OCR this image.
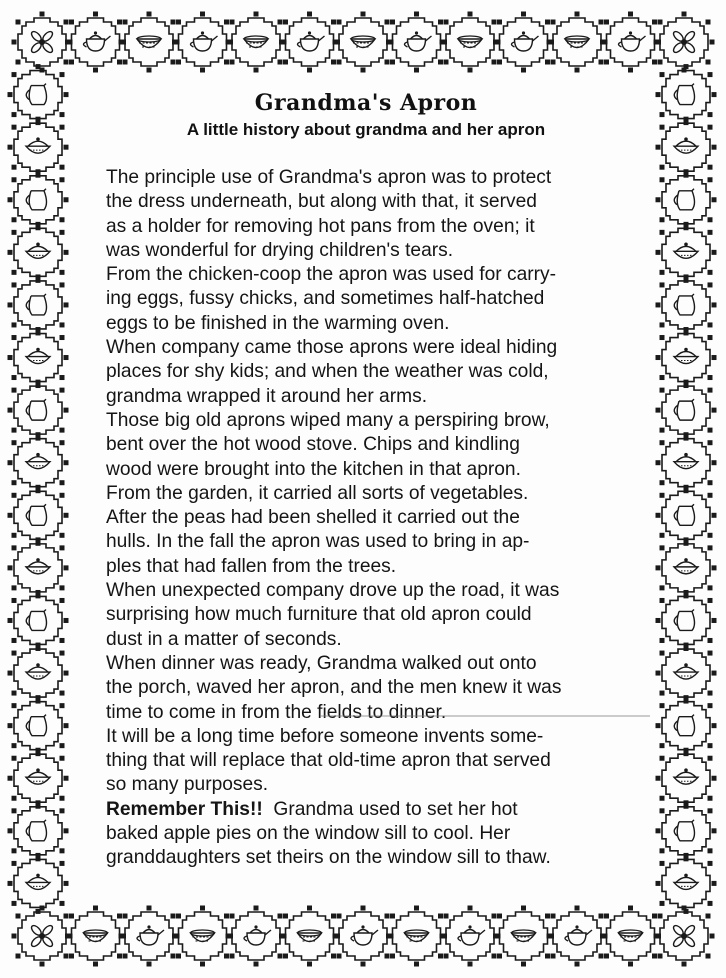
Grandma's Apron
A little history about grandma and her apron
The principle use of Grandma's apron was to protect
the dress underneath, but along with that, it served
as a holder for removing hot pans from the oven; it
was wonderful for drying children's tears.
From the chicken-coop the apron was used for carry-
ing eggs, fussy chicks, and sometimes half-hatched
eggs to be finished in the warming oven.
When company came those aprons were ideal hiding
places for shy kids; and when the weather was cold,
grandma wrapped it around her arms.
Those big old aprons wiped many a perspiring brow,
bent over the hot wood stove. Chips and kindling
wood were brought into the kitchen in that apron.
From the garden, it carried all sorts of vegetables.
After the peas had been shelled it carried out the
hulls. In the fall the apron was used to bring in ap-
ples that had fallen from the trees.
When unexpected company drove up the road, it was
surprising how much furniture that old apron could
dust in a matter of seconds.
When dinner was ready, Grandma walked out onto
the porch, waved her apron, and the men knew it was
time to come in from the fields to dinner.
It will be a long time before someone invents some-
thing that will replace that old-time apron that served
so many purposes.
Remember This!!  Grandma used to set her hot
baked apple pies on the window sill to cool. Her
granddaughters set theirs on the window sill to thaw.
